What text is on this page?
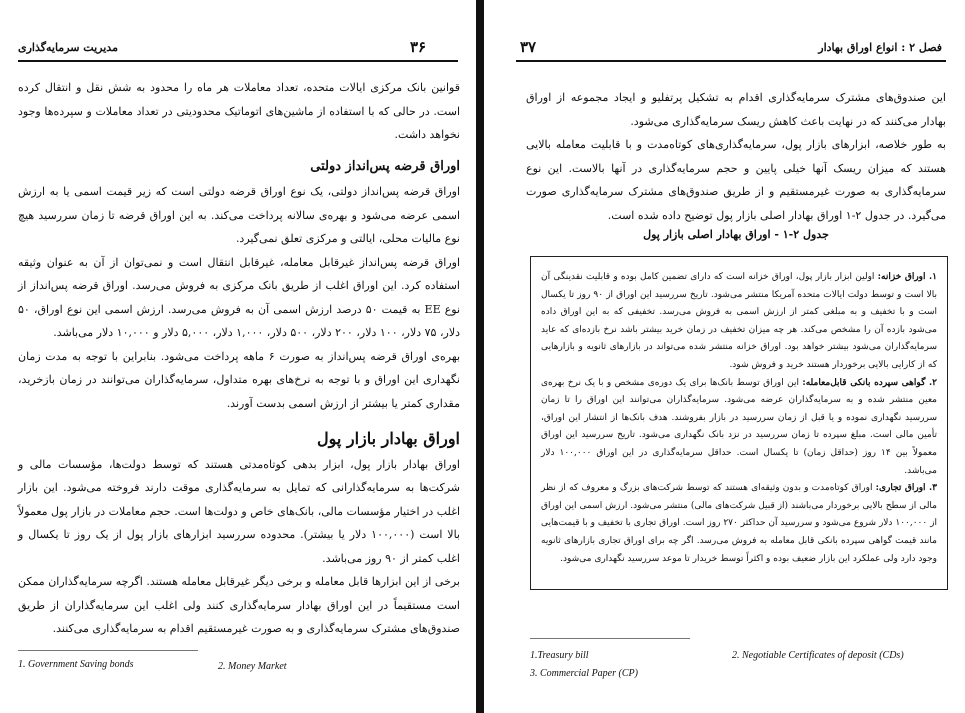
۳۶
مدیریت سرمایه‌گذاری

قوانین بانک مرکزی ایالات متحده، تعداد معاملات هر ماه را محدود به شش نقل و انتقال کرده است. در حالی که با استفاده از ماشین‌های اتوماتیک محدودیتی در تعداد معاملات و سپرده‌ها وجود نخواهد داشت.

اوراق قرضه پس‌انداز دولتی

اوراق قرضه پس‌انداز دولتی، یک نوع اوراق قرضه دولتی است که زیر قیمت اسمی یا به ارزش اسمی عرضه می‌شود و بهره‌ی سالانه پرداخت می‌کند. به این اوراق قرضه تا زمان سررسید هیچ نوع مالیات محلی، ایالتی و مرکزی تعلق نمی‌گیرد.

اوراق قرضه پس‌انداز غیرقابل معامله، غیرقابل انتقال است و نمی‌توان از آن به عنوان وثیقه استفاده کرد. این اوراق اغلب از طریق بانک مرکزی به فروش می‌رسد. اوراق قرضه پس‌انداز از نوع EE به قیمت ۵۰ درصد ارزش اسمی آن به فروش می‌رسد. ارزش اسمی این نوع اوراق، ۵۰ دلار، ۷۵ دلار، ۱۰۰ دلار، ۲۰۰ دلار، ۵۰۰ دلار، ۱,۰۰۰ دلار، ۵,۰۰۰ دلار و ۱۰,۰۰۰ دلار می‌باشد.

بهره‌ی اوراق قرضه پس‌انداز به صورت ۶ ماهه پرداخت می‌شود. بنابراین با توجه به مدت زمان نگهداری این اوراق و با توجه به نرخ‌های بهره متداول، سرمایه‌گذاران می‌توانند در زمان بازخرید، مقداری کمتر یا بیشتر از ارزش اسمی بدست آورند.

اوراق بهادار بازار پول

اوراق بهادار بازار پول، ابزار بدهی کوتاه‌مدتی هستند که توسط دولت‌ها، مؤسسات مالی و شرکت‌ها به سرمایه‌گذارانی که تمایل به سرمایه‌گذاری موقت دارند فروخته می‌شود. این بازار اغلب در اختیار مؤسسات مالی، بانک‌های خاص و دولت‌ها است. حجم معاملات در بازار پول معمولاً بالا است (۱۰۰,۰۰۰ دلار یا بیشتر). محدوده سررسید ابزارهای بازار پول از یک روز تا یکسال و اغلب کمتر از ۹۰ روز می‌باشد.

برخی از این ابزارها قابل معامله و برخی دیگر غیرقابل معامله هستند. اگرچه سرمایه‌گذاران ممکن است مستقیماً در این اوراق بهادار سرمایه‌گذاری کنند ولی اغلب این سرمایه‌گذاران از طریق صندوق‌های مشترک سرمایه‌گذاری و به صورت غیرمستقیم اقدام به سرمایه‌گذاری می‌کنند.

1. Government Saving bonds	2. Money Market
۳۷	فصل ۲ : انواع اوراق بهادار

این صندوق‌های مشترک سرمایه‌گذاری اقدام به تشکیل پرتفلیو و ایجاد مجموعه از اوراق بهادار می‌کنند که در نهایت باعث کاهش ریسک سرمایه‌گذاری می‌شود.

به طور خلاصه، ابزارهای بازار پول، سرمایه‌گذاری‌های کوتاه‌مدت و با قابلیت معامله بالایی هستند که میزان ریسک آنها خیلی پایین و حجم سرمایه‌گذاری در آنها بالاست. این نوع سرمایه‌گذاری به صورت غیرمستقیم و از طریق صندوق‌های مشترک سرمایه‌گذاری صورت می‌گیرد. در جدول ۲-۱ اوراق بهادار اصلی بازار پول توضیح داده شده است.

جدول ۲-۱ - اوراق بهادار اصلی بازار پول

۱. اوراق خزانه: اولین ابزار بازار پول، اوراق خزانه است که دارای تضمین کامل بوده و قابلیت نقدینگی آن بالا است و توسط دولت ایالات متحده آمریکا منتشر می‌شود. تاریخ سررسید این اوراق از ۹۰ روز تا یکسال است و با تخفیف و به مبلغی کمتر از ارزش اسمی به فروش می‌رسد. تخفیفی که به این اوراق داده می‌شود بازده آن را مشخص می‌کند. هر چه میزان تخفیف در زمان خرید بیشتر باشد نرخ بازده‌ای که عاید سرمایه‌گذاران می‌شود بیشتر خواهد بود. اوراق خزانه منتشر شده می‌تواند در بازارهای ثانویه و بازارهایی که از کارایی بالایی برخوردار هستند خرید و فروش شود.

۲. گواهی سپرده بانکی قابل‌معامله: این اوراق توسط بانک‌ها برای یک دوره‌ی مشخص و با یک نرخ بهره‌ی معین منتشر شده و به سرمایه‌گذاران عرضه می‌شود. سرمایه‌گذاران می‌توانند این اوراق را تا زمان سررسید نگهداری نموده و یا قبل از زمان سررسید در بازار بفروشند. هدف بانک‌ها از انتشار این اوراق، تأمین مالی است. مبلغ سپرده تا زمان سررسید در نزد بانک نگهداری می‌شود. تاریخ سررسید این اوراق معمولاً بین ۱۴ روز (حداقل زمان) تا یکسال است. حداقل سرمایه‌گذاری در این اوراق ۱۰۰,۰۰۰ دلار می‌باشد.

۳. اوراق تجاری: اوراق کوتاه‌مدت و بدون وثیقه‌ای هستند که توسط شرکت‌های بزرگ و معروف که از نظر مالی از سطح بالایی برخوردار می‌باشند (از قبیل شرکت‌های مالی) منتشر می‌شود. ارزش اسمی این اوراق از ۱۰۰,۰۰۰ دلار شروع می‌شود و سررسید آن حداکثر ۲۷۰ روز است. اوراق تجاری با تخفیف و با قیمت‌هایی مانند قیمت گواهی سپرده بانکی قابل معامله به فروش می‌رسد. اگر چه برای اوراق تجاری بازارهای ثانویه وجود دارد ولی عملکرد این بازار ضعیف بوده و اکثراً توسط خریدار تا موعد سررسید نگهداری می‌شود.

1.Treasury bill	2. Negotiable Certificates of deposit (CDs)
3. Commercial Paper (CP)
